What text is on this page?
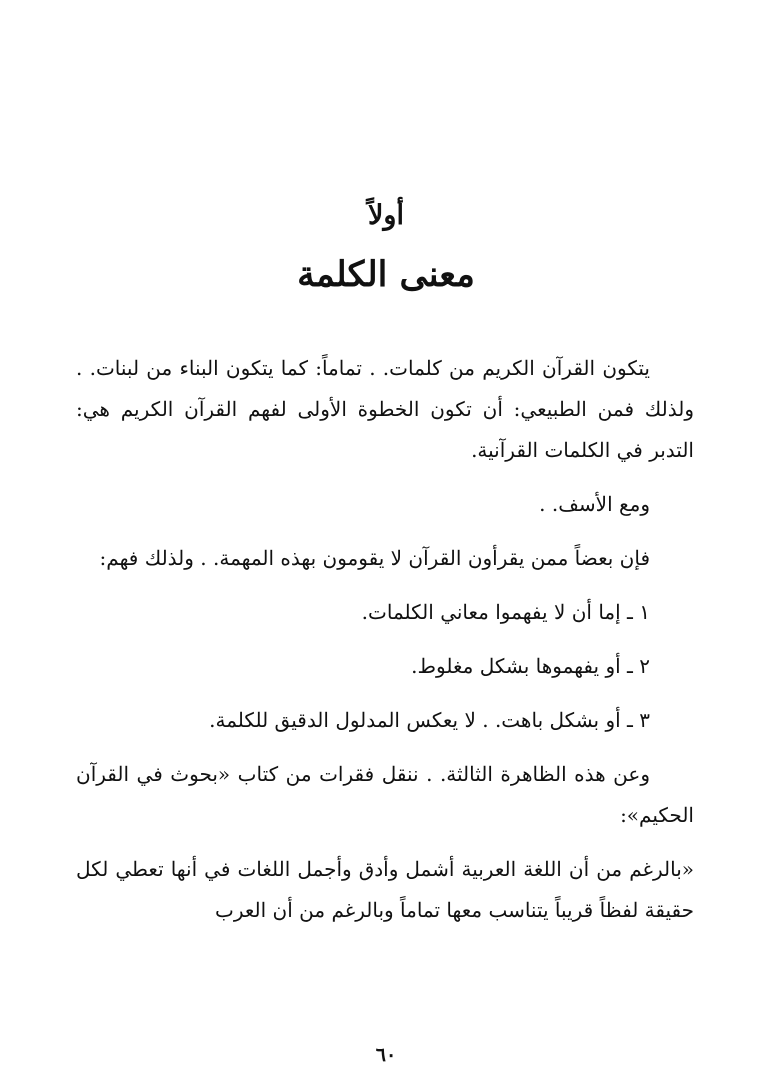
أولاً
معنى الكلمة

يتكون القرآن الكريم من كلمات. . تماماً: كما يتكون البناء من لبنات. . ولذلك فمن الطبيعي: أن تكون الخطوة الأولى لفهم القرآن الكريم هي: التدبر في الكلمات القرآنية.

ومع الأسف. .

فإن بعضاً ممن يقرأون القرآن لا يقومون بهذه المهمة. . ولذلك فهم:

١ ـ إما أن لا يفهموا معاني الكلمات.

٢ ـ أو يفهموها بشكل مغلوط.

٣ ـ أو بشكل باهت. . لا يعكس المدلول الدقيق للكلمة.

وعن هذه الظاهرة الثالثة. . ننقل فقرات من كتاب «بحوث في القرآن الحكيم»:

«بالرغم من أن اللغة العربية أشمل وأدق وأجمل اللغات في أنها تعطي لكل حقيقة لفظاً قريباً يتناسب معها تماماً وبالرغم من أن العرب

٦٠
